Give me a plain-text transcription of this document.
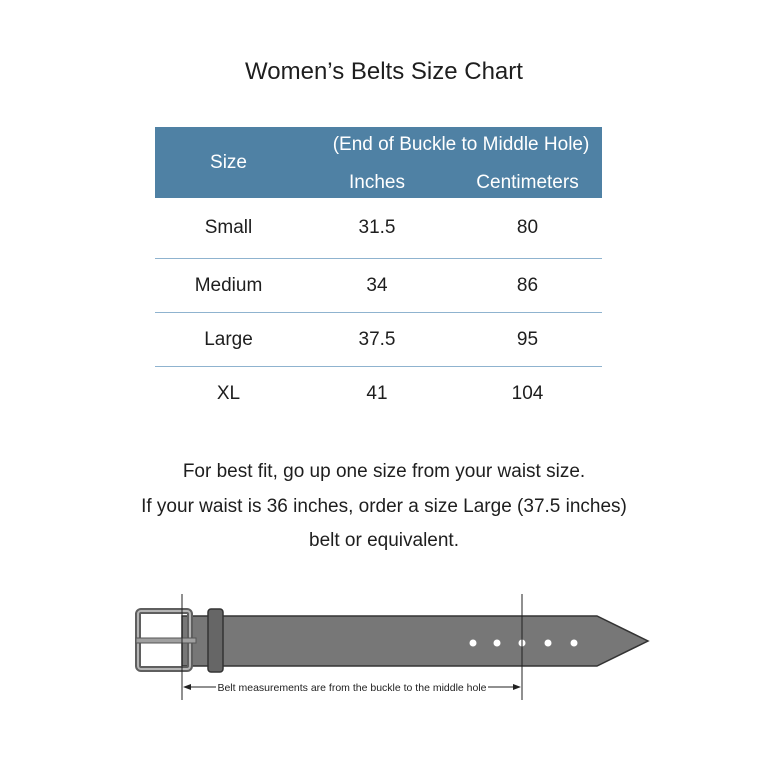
Women’s Belts Size Chart
Size
(End of Buckle to Middle Hole)
Inches	Centimeters
Small	31.5	80
Medium	34	86
Large	37.5	95
XL	41	104
For best fit, go up one size from your waist size.
If your waist is 36 inches, order a size Large (37.5 inches)
belt or equivalent.
Belt measurements are from the buckle to the middle hole
